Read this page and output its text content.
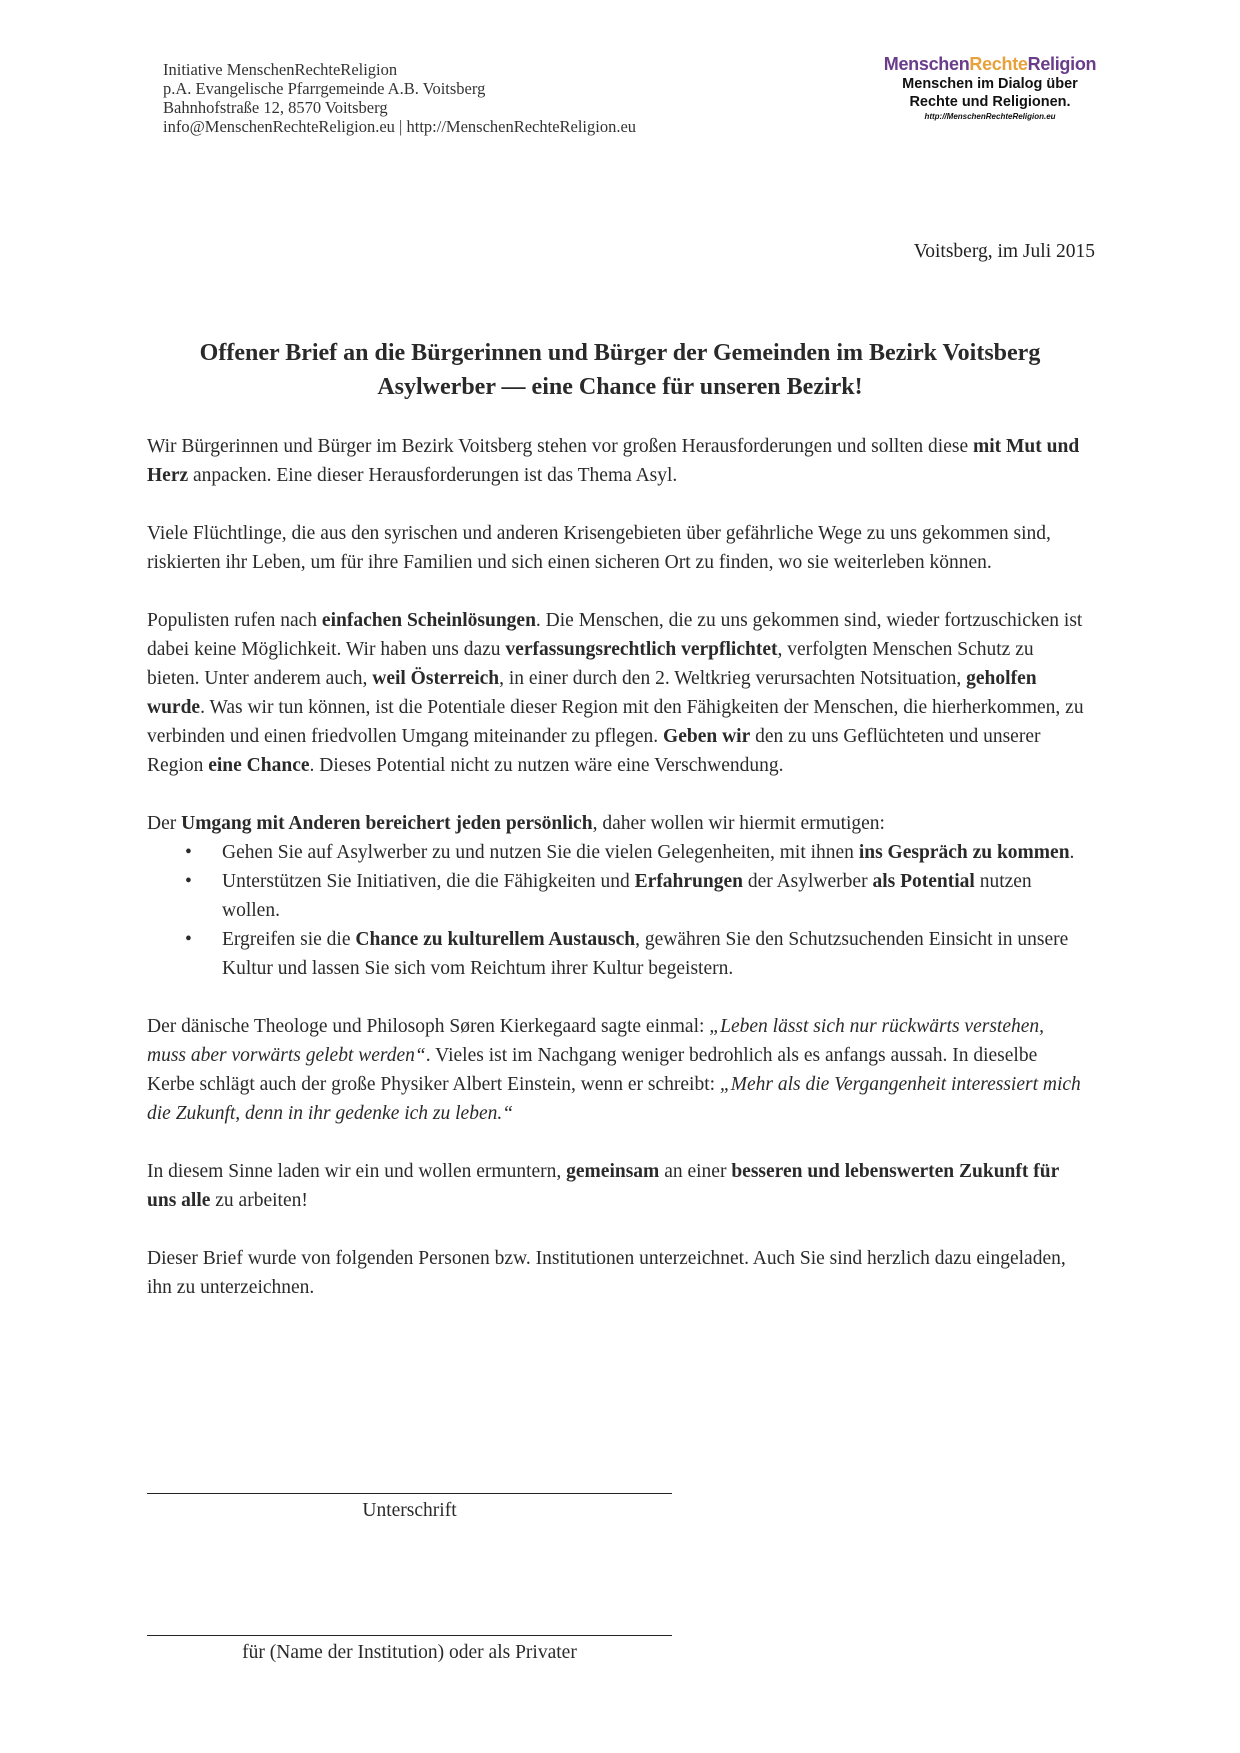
Initiative MenschenRechteReligion
p.A. Evangelische Pfarrgemeinde A.B. Voitsberg
Bahnhofstraße 12, 8570 Voitsberg
info@MenschenRechteReligion.eu | http://MenschenRechteReligion.eu
MenschenRechteReligion
Menschen im Dialog über
Rechte und Religionen.
http://MenschenRechteReligion.eu
Voitsberg, im Juli 2015
Offener Brief an die Bürgerinnen und Bürger der Gemeinden im Bezirk Voitsberg
Asylwerber — eine Chance für unseren Bezirk!

Wir Bürgerinnen und Bürger im Bezirk Voitsberg stehen vor großen Herausforderungen und sollten diese mit Mut und Herz anpacken. Eine dieser Herausforderungen ist das Thema Asyl.

Viele Flüchtlinge, die aus den syrischen und anderen Krisengebieten über gefährliche Wege zu uns gekommen sind, riskierten ihr Leben, um für ihre Familien und sich einen sicheren Ort zu finden, wo sie weiterleben können.

Populisten rufen nach einfachen Scheinlösungen. Die Menschen, die zu uns gekommen sind, wieder fortzuschicken ist dabei keine Möglichkeit. Wir haben uns dazu verfassungsrechtlich verpflichtet, verfolgten Menschen Schutz zu bieten. Unter anderem auch, weil Österreich, in einer durch den 2. Weltkrieg verursachten Notsituation, geholfen wurde. Was wir tun können, ist die Potentiale dieser Region mit den Fähigkeiten der Menschen, die hierherkommen, zu verbinden und einen friedvollen Umgang miteinander zu pflegen. Geben wir den zu uns Geflüchteten und unserer Region eine Chance. Dieses Potential nicht zu nutzen wäre eine Verschwendung.

Der Umgang mit Anderen bereichert jeden persönlich, daher wollen wir hiermit ermutigen:

• Gehen Sie auf Asylwerber zu und nutzen Sie die vielen Gelegenheiten, mit ihnen ins Gespräch zu kommen.
• Unterstützen Sie Initiativen, die die Fähigkeiten und Erfahrungen der Asylwerber als Potential nutzen wollen.
• Ergreifen sie die Chance zu kulturellem Austausch, gewähren Sie den Schutzsuchenden Einsicht in unsere Kultur und lassen Sie sich vom Reichtum ihrer Kultur begeistern.

Der dänische Theologe und Philosoph Søren Kierkegaard sagte einmal: „Leben lässt sich nur rückwärts verstehen, muss aber vorwärts gelebt werden“. Vieles ist im Nachgang weniger bedrohlich als es anfangs aussah. In dieselbe Kerbe schlägt auch der große Physiker Albert Einstein, wenn er schreibt: „Mehr als die Vergangenheit interessiert mich die Zukunft, denn in ihr gedenke ich zu leben.“

In diesem Sinne laden wir ein und wollen ermuntern, gemeinsam an einer besseren und lebenswerten Zukunft für uns alle zu arbeiten!

Dieser Brief wurde von folgenden Personen bzw. Institutionen unterzeichnet. Auch Sie sind herzlich dazu eingeladen, ihn zu unterzeichnen.

Unterschrift
für (Name der Institution) oder als Privater
